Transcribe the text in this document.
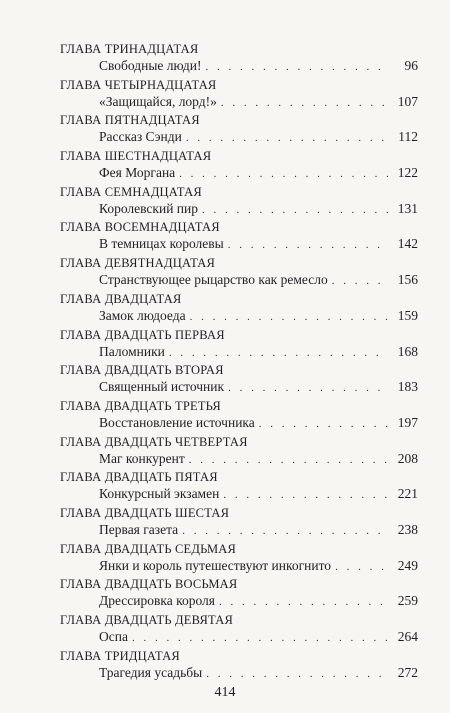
ГЛАВА ТРИНАДЦАТАЯ
Свободные люди! . . .	96
ГЛАВА ЧЕТЫРНАДЦАТАЯ
«Защищайся, лорд!» . . .	107
ГЛАВА ПЯТНАДЦАТАЯ
Рассказ Сэнди . . .	112
ГЛАВА ШЕСТНАДЦАТАЯ
Фея Моргана . . .	122
ГЛАВА СЕМНАДЦАТАЯ
Королевский пир . . .	131
ГЛАВА ВОСЕМНАДЦАТАЯ
В темницах королевы . . .	142
ГЛАВА ДЕВЯТНАДЦАТАЯ
Странствующее рыцарство как ремесло . . .	156
ГЛАВА ДВАДЦАТАЯ
Замок людоеда . . .	159
ГЛАВА ДВАДЦАТЬ ПЕРВАЯ
Паломники . . .	168
ГЛАВА ДВАДЦАТЬ ВТОРАЯ
Священный источник . . .	183
ГЛАВА ДВАДЦАТЬ ТРЕТЬЯ
Восстановление источника . . .	197
ГЛАВА ДВАДЦАТЬ ЧЕТВЕРТАЯ
Маг конкурент . . .	208
ГЛАВА ДВАДЦАТЬ ПЯТАЯ
Конкурсный экзамен . . .	221
ГЛАВА ДВАДЦАТЬ ШЕСТАЯ
Первая газета . . .	238
ГЛАВА ДВАДЦАТЬ СЕДЬМАЯ
Янки и король путешествуют инкогнито . . .	249
ГЛАВА ДВАДЦАТЬ ВОСЬМАЯ
Дрессировка короля . . .	259
ГЛАВА ДВАДЦАТЬ ДЕВЯТАЯ
Оспа . . .	264
ГЛАВА ТРИДЦАТАЯ
Трагедия усадьбы . . .	272
414
